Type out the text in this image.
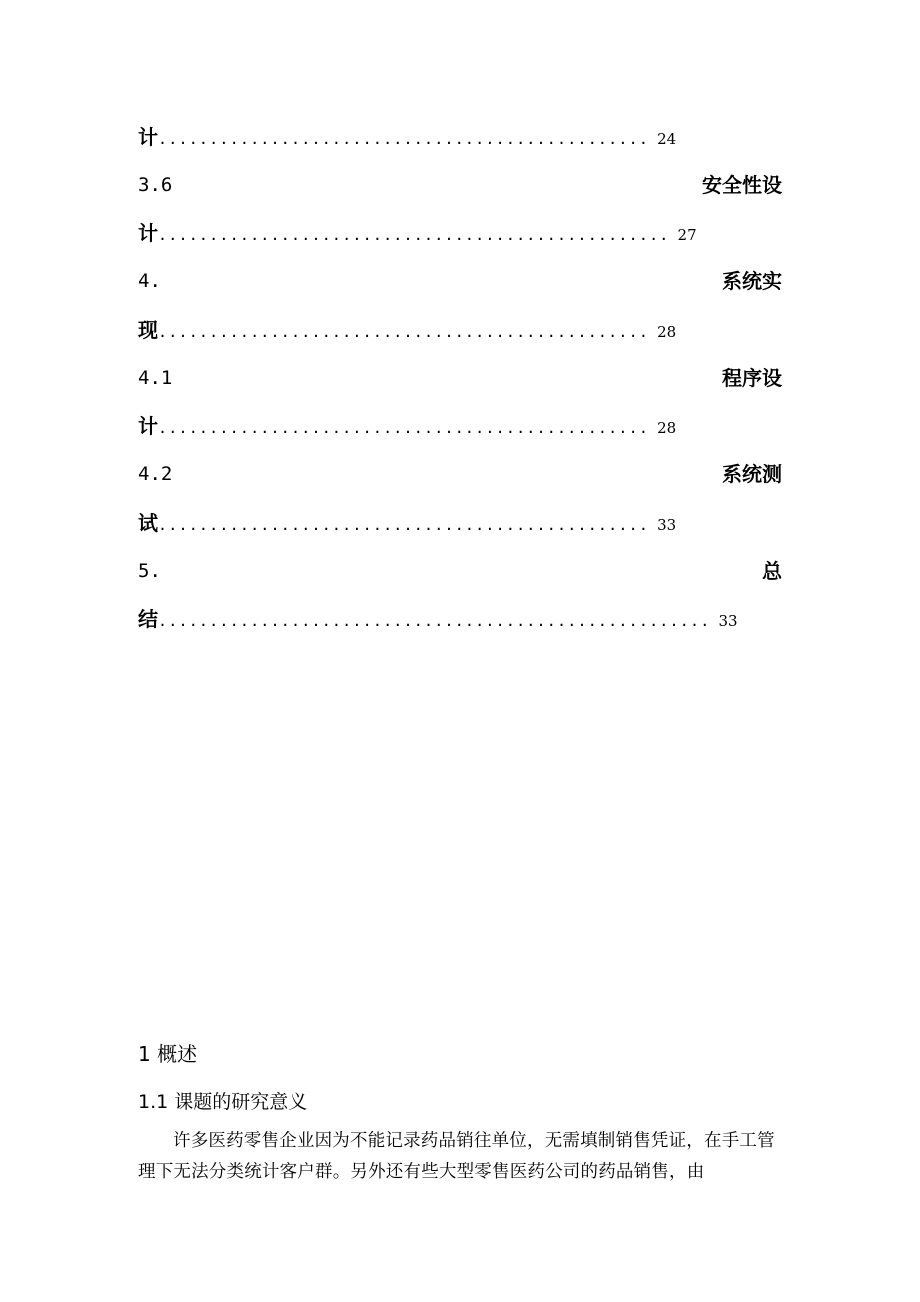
计................................................ 24
3.6	安全性设
计.................................................. 27
4.	系统实
现................................................ 28
4.1	程序设
计................................................ 28
4.2	系统测
试................................................ 33
5.	总
结...................................................... 33
1 概述
1.1 课题的研究意义

许多医药零售企业因为不能记录药品销往单位，无需填制销售凭证，在手工管理下无法分类统计客户群。另外还有些大型零售医药公司的药品销售，由
